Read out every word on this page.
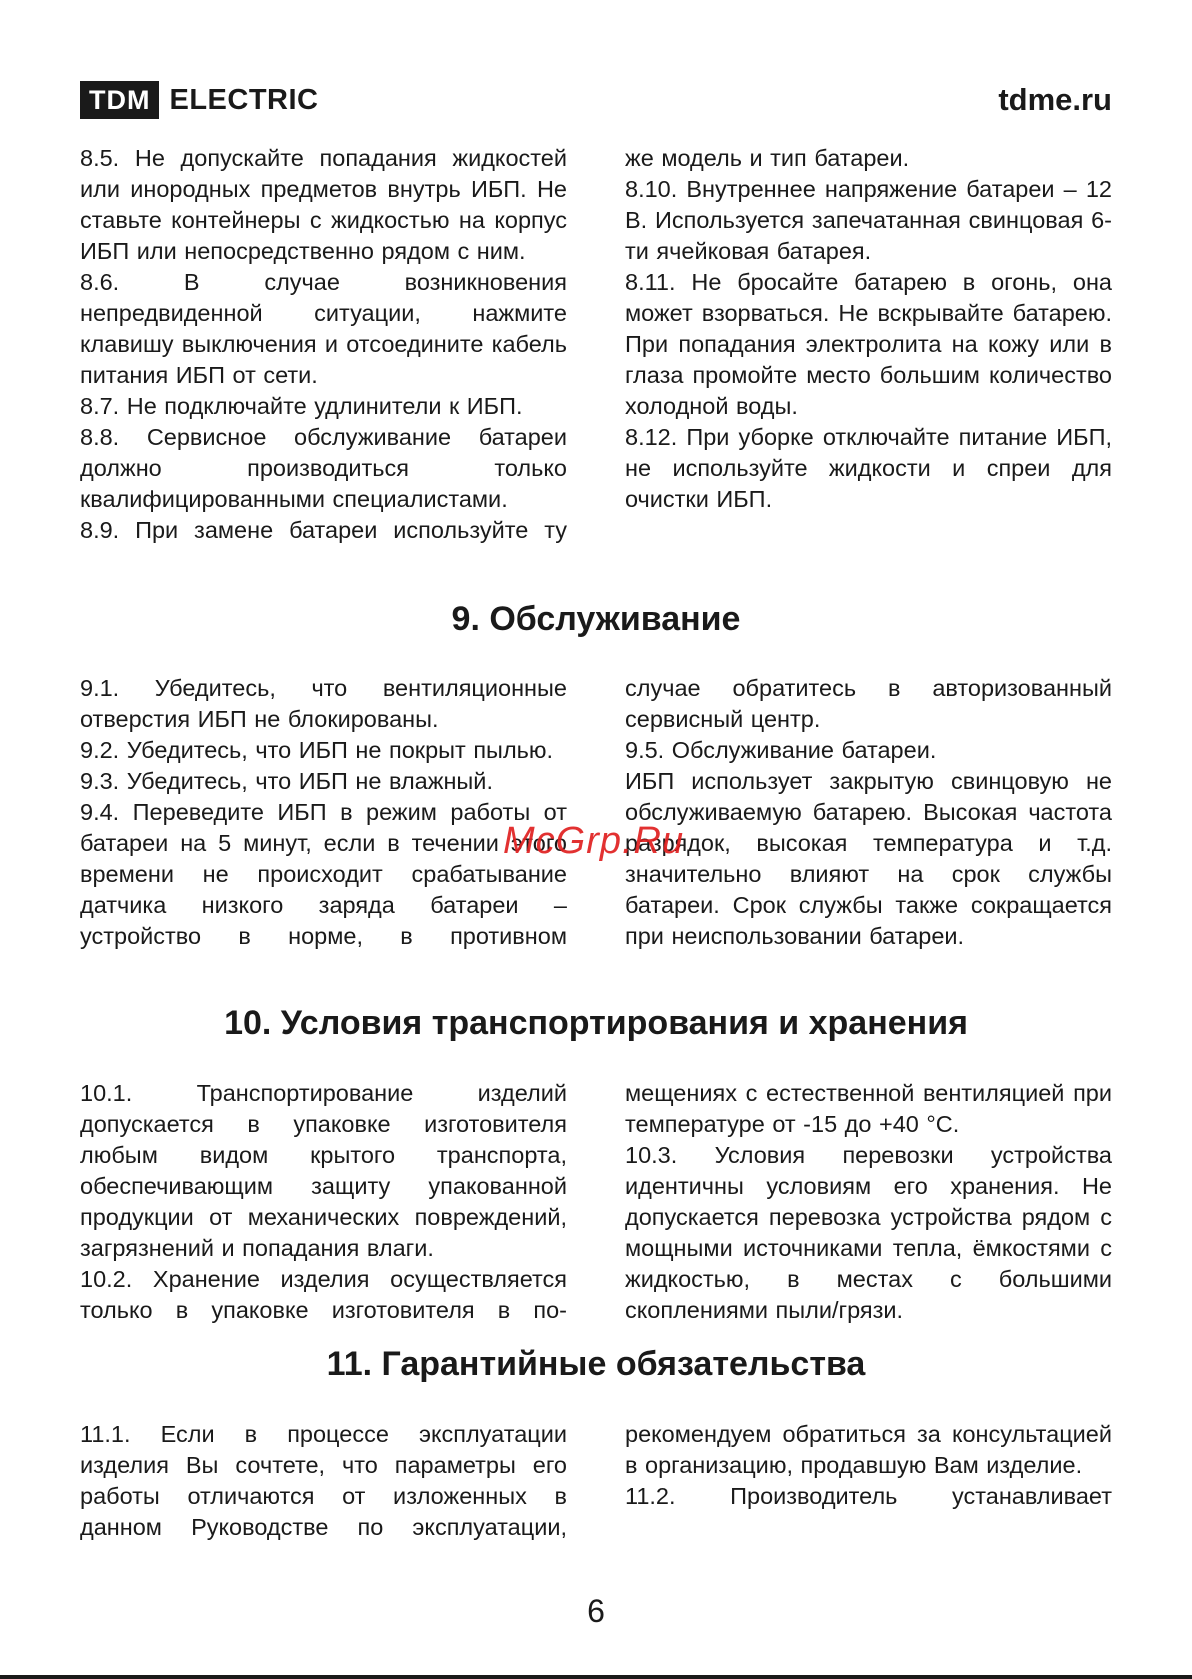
TDM ELECTRIC	tdme.ru

8.5. Не допускайте попадания жидкостей или инородных предметов внутрь ИБП. Не ставьте контейнеры с жидкостью на корпус ИБП или непосредственно рядом с ним.

8.6. В случае возникновения непредвиденной ситуации, нажмите клавишу выключения и отсоедините кабель питания ИБП от сети.

8.7. Не подключайте удлинители к ИБП.

8.8. Сервисное обслуживание батареи должно производиться только квалифицированными специалистами.

8.9. При замене батареи используйте ту

же модель и тип батареи.

8.10. Внутреннее напряжение батареи – 12 В. Используется запечатанная свинцовая 6-ти ячейковая батарея.

8.11. Не бросайте батарею в огонь, она может взорваться. Не вскрывайте батарею. При попадания электролита на кожу или в глаза промойте место большим количество холодной воды.

8.12. При уборке отключайте питание ИБП, не используйте жидкости и спреи для очистки ИБП.

9. Обслуживание

9.1. Убедитесь, что вентиляционные отверстия ИБП не блокированы.

9.2. Убедитесь, что ИБП не покрыт пылью.

9.3. Убедитесь, что ИБП не влажный.

9.4. Переведите ИБП в режим работы от батареи на 5 минут, если в течении этого времени не происходит срабатывание датчика низкого заряда батареи – устройство в норме, в противном

случае обратитесь в авторизованный сервисный центр.

9.5. Обслуживание батареи.

ИБП использует закрытую свинцовую не обслуживаемую батарею. Высокая частота разрядок, высокая температура и т.д. значительно влияют на срок службы батареи. Срок службы также сокращается при неиспользовании батареи.

10. Условия транспортирования и хранения

10.1. Транспортирование изделий допускается в упаковке изготовителя любым видом крытого транспорта, обеспечивающим защиту упакованной продукции от механических повреждений, загрязнений и попадания влаги.

10.2. Хранение изделия осуществляется только в упаковке изготовителя в по-

мещениях с естественной вентиляцией при температуре от -15 до +40 °С.

10.3. Условия перевозки устройства идентичны условиям его хранения. Не допускается перевозка устройства рядом с мощными источниками тепла, ёмкостями с жидкостью, в местах с большими скоплениями пыли/грязи.

11. Гарантийные обязательства

11.1. Если в процессе эксплуатации изделия Вы сочтете, что параметры его работы отличаются от изложенных в данном Руководстве по эксплуатации,

рекомендуем обратиться за консультацией в организацию, продавшую Вам изделие.

11.2. Производитель устанавливает

McGrp.Ru
6
